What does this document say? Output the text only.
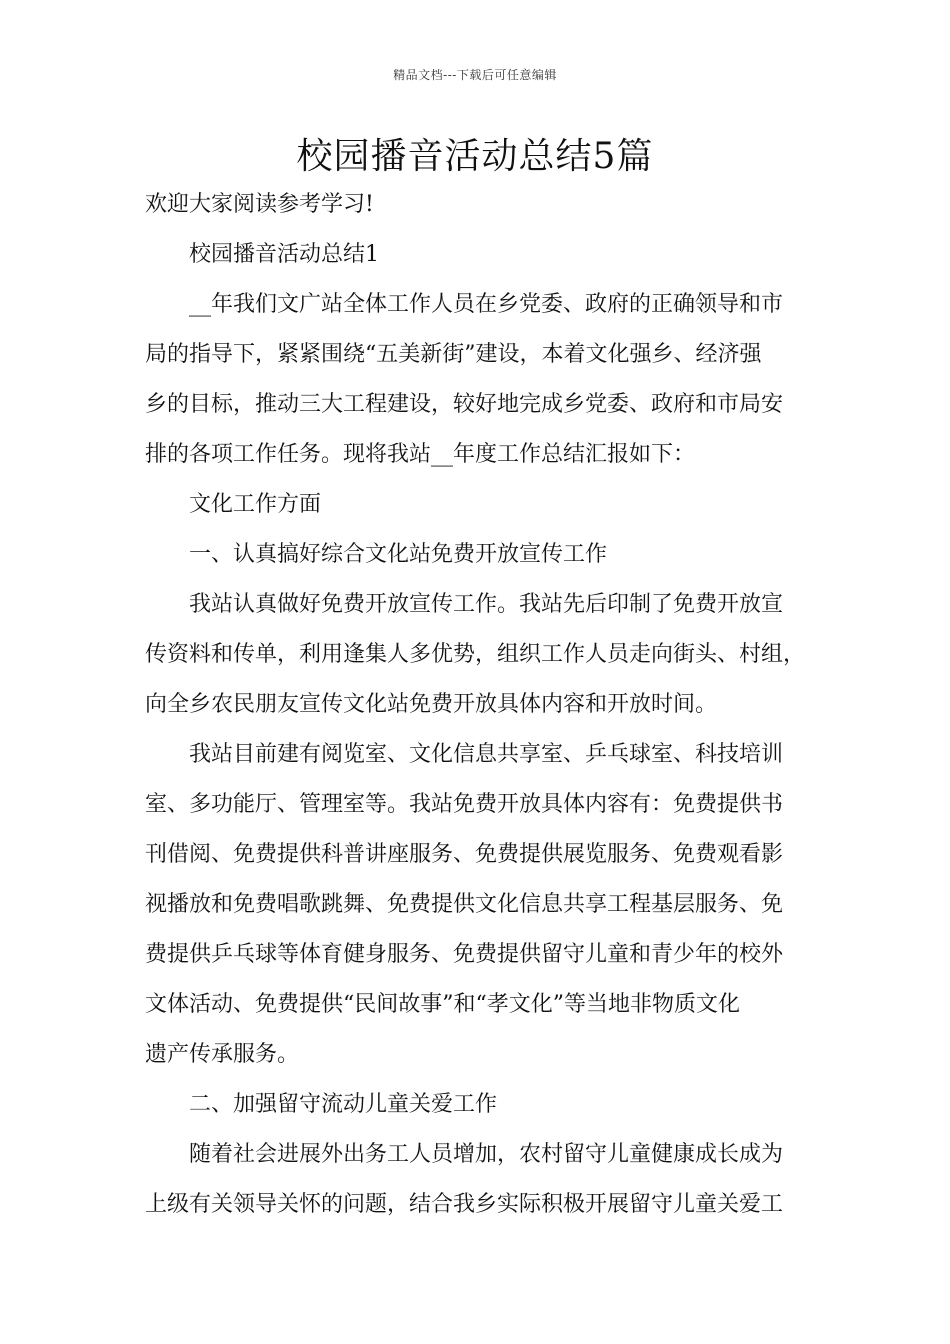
精品文档---下载后可任意编辑
校园播音活动总结5篇
欢迎大家阅读参考学习!
校园播音活动总结1
__年我们文广站全体工作人员在乡党委、政府的正确领导和市
局的指导下，紧紧围绕“五美新街”建设，本着文化强乡、经济强
乡的目标，推动三大工程建设，较好地完成乡党委、政府和市局安
排的各项工作任务。现将我站__年度工作总结汇报如下：
文化工作方面
一、认真搞好综合文化站免费开放宣传工作
我站认真做好免费开放宣传工作。我站先后印制了免费开放宣
传资料和传单，利用逢集人多优势，组织工作人员走向街头、村组，
向全乡农民朋友宣传文化站免费开放具体内容和开放时间。
我站目前建有阅览室、文化信息共享室、乒乓球室、科技培训
室、多功能厅、管理室等。我站免费开放具体内容有：免费提供书
刊借阅、免费提供科普讲座服务、免费提供展览服务、免费观看影
视播放和免费唱歌跳舞、免费提供文化信息共享工程基层服务、免
费提供乒乓球等体育健身服务、免费提供留守儿童和青少年的校外
文体活动、免费提供“民间故事”和“孝文化”等当地非物质文化
遗产传承服务。
二、加强留守流动儿童关爱工作
随着社会进展外出务工人员增加，农村留守儿童健康成长成为
上级有关领导关怀的问题，结合我乡实际积极开展留守儿童关爱工
